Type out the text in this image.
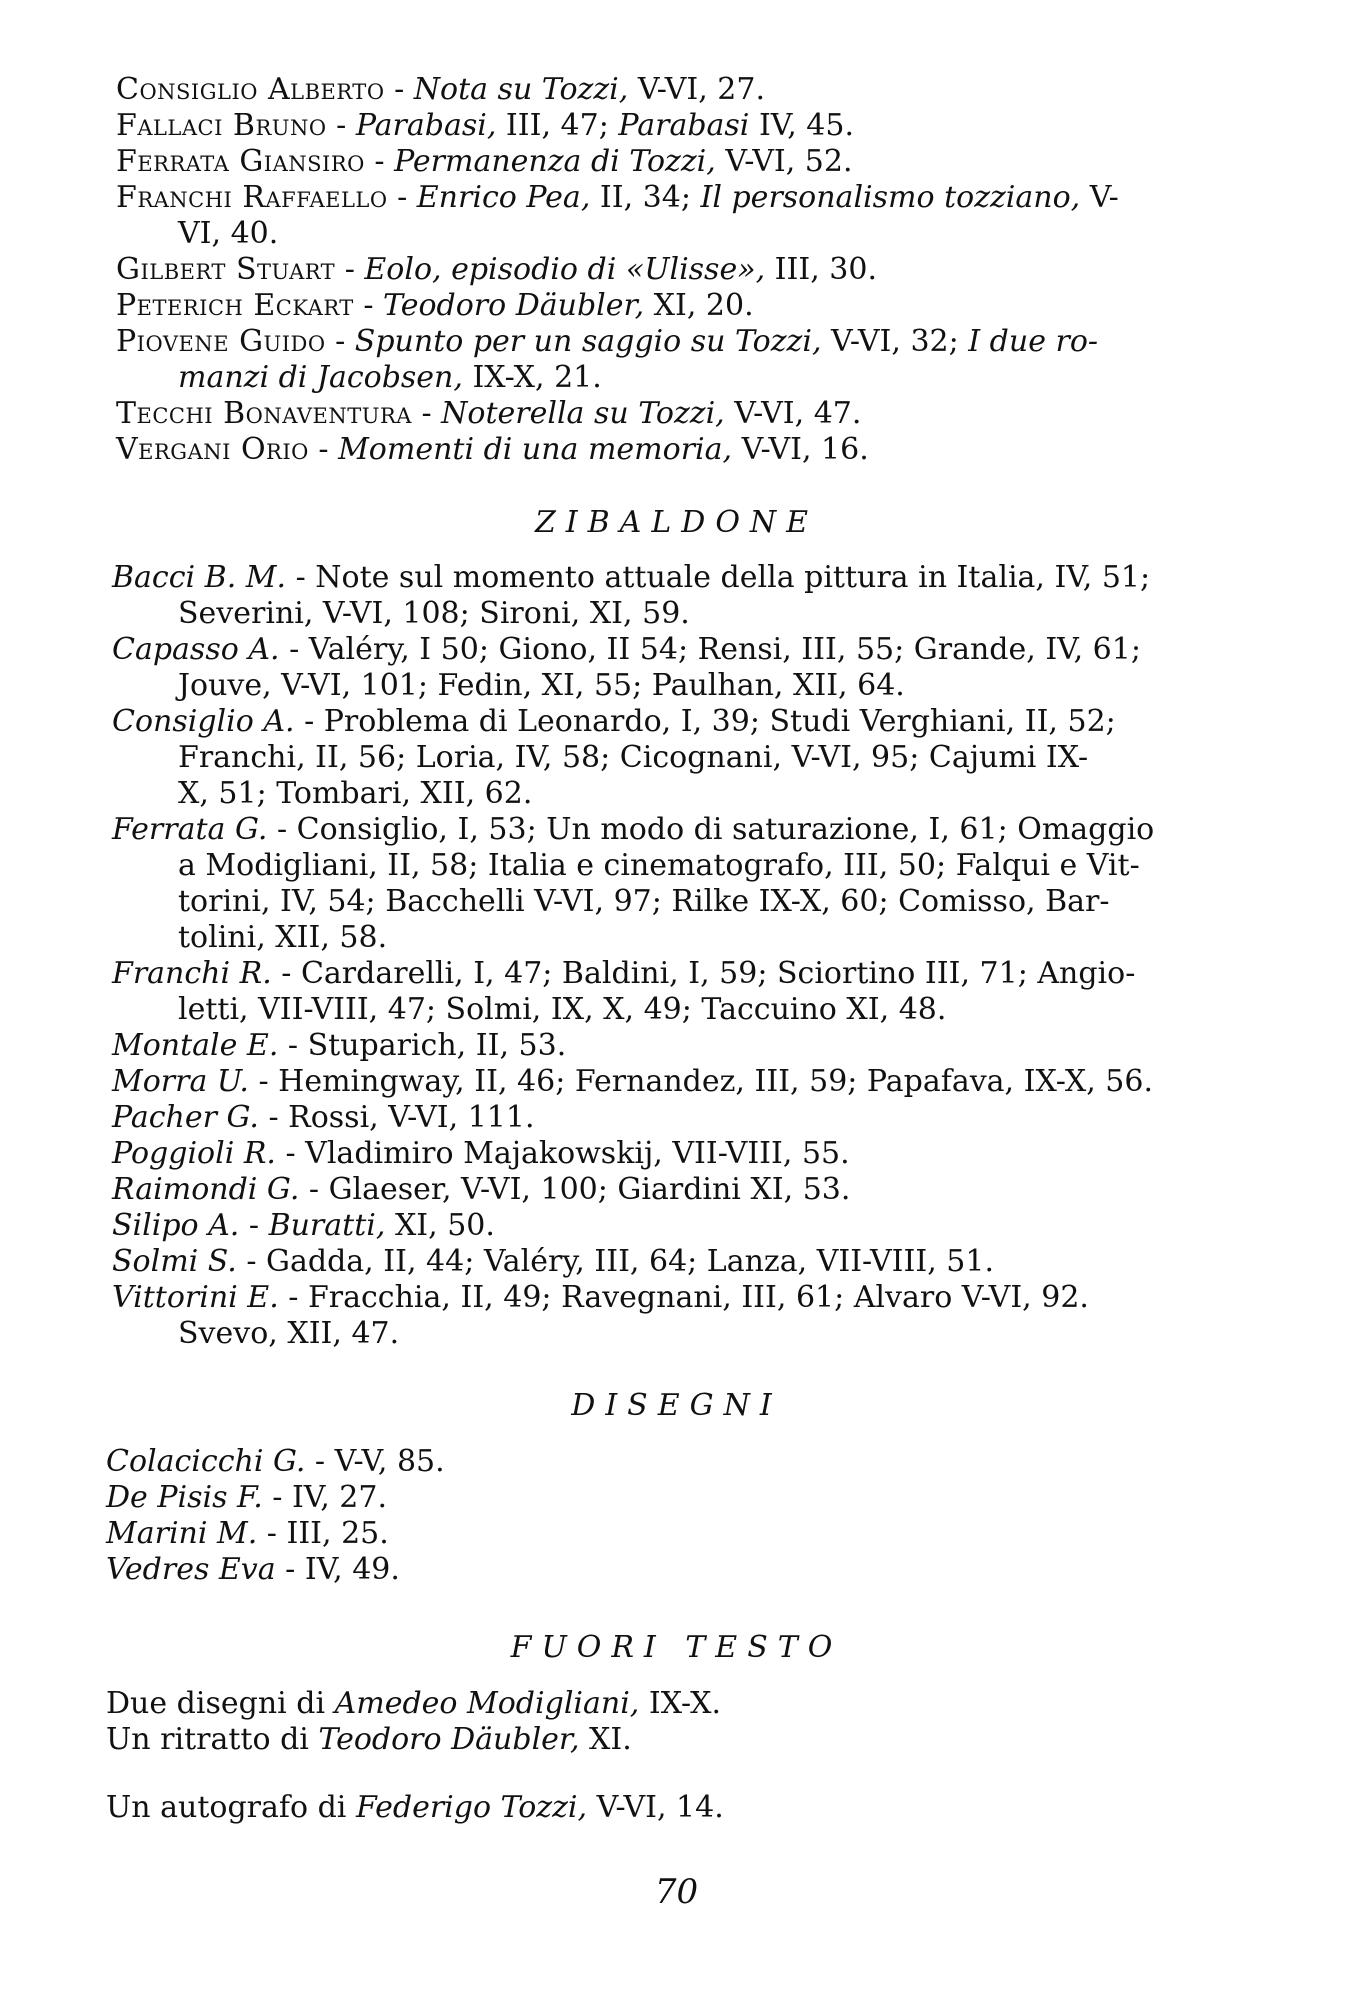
Consiglio Alberto - Nota su Tozzi, V-VI, 27.
Fallaci Bruno - Parabasi, III, 47; Parabasi IV, 45.
Ferrata Giansiro - Permanenza di Tozzi, V-VI, 52.
Franchi Raffaello - Enrico Pea, II, 34; Il personalismo tozziano, V-
VI, 40.
Gilbert Stuart - Eolo, episodio di «Ulisse», III, 30.
Peterich Eckart - Teodoro Däubler, XI, 20.
Piovene Guido - Spunto per un saggio su Tozzi, V-VI, 32; I due ro-
manzi di Jacobsen, IX-X, 21.
Tecchi Bonaventura - Noterella su Tozzi, V-VI, 47.
Vergani Orio - Momenti di una memoria, V-VI, 16.
ZIBALDONE
Bacci B. M. - Note sul momento attuale della pittura in Italia, IV, 51;
Severini, V-VI, 108; Sironi, XI, 59.
Capasso A. - Valéry, I 50; Giono, II 54; Rensi, III, 55; Grande, IV, 61;
Jouve, V-VI, 101; Fedin, XI, 55; Paulhan, XII, 64.
Consiglio A. - Problema di Leonardo, I, 39; Studi Verghiani, II, 52;
Franchi, II, 56; Loria, IV, 58; Cicognani, V-VI, 95; Cajumi IX-
X, 51; Tombari, XII, 62.
Ferrata G. - Consiglio, I, 53; Un modo di saturazione, I, 61; Omaggio
a Modigliani, II, 58; Italia e cinematografo, III, 50; Falqui e Vit-
torini, IV, 54; Bacchelli V-VI, 97; Rilke IX-X, 60; Comisso, Bar-
tolini, XII, 58.
Franchi R. - Cardarelli, I, 47; Baldini, I, 59; Sciortino III, 71; Angio-
letti, VII-VIII, 47; Solmi, IX, X, 49; Taccuino XI, 48.
Montale E. - Stuparich, II, 53.
Morra U. - Hemingway, II, 46; Fernandez, III, 59; Papafava, IX-X, 56.
Pacher G. - Rossi, V-VI, 111.
Poggioli R. - Vladimiro Majakowskij, VII-VIII, 55.
Raimondi G. - Glaeser, V-VI, 100; Giardini XI, 53.
Silipo A. - Buratti, XI, 50.
Solmi S. - Gadda, II, 44; Valéry, III, 64; Lanza, VII-VIII, 51.
Vittorini E. - Fracchia, II, 49; Ravegnani, III, 61; Alvaro V-VI, 92.
Svevo, XII, 47.
DISEGNI
Colacicchi G. - V-V, 85.
De Pisis F. - IV, 27.
Marini M. - III, 25.
Vedres Eva - IV, 49.
FUORI TESTO
Due disegni di Amedeo Modigliani, IX-X.
Un ritratto di Teodoro Däubler, XI.
Un autografo di Federigo Tozzi, V-VI, 14.
70
